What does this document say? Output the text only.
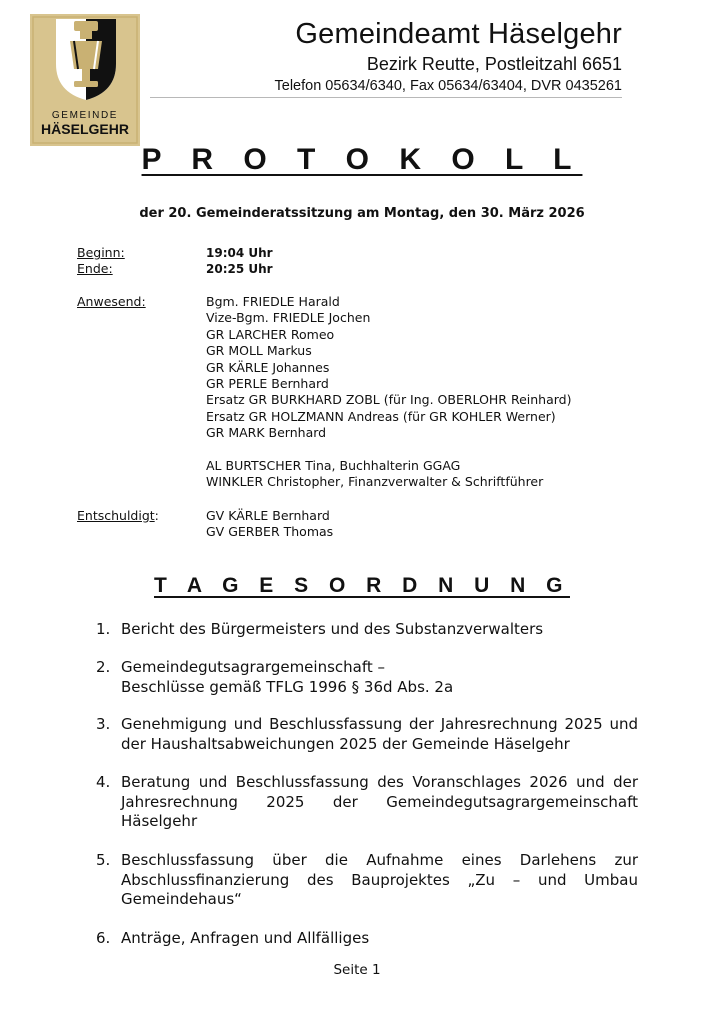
GEMEINDE
HÄSELGEHR
Gemeindeamt Häselgehr
Bezirk Reutte, Postleitzahl 6651
Telefon 05634/6340, Fax 05634/63404, DVR 0435261
P R O T O K O L L
der 20. Gemeinderatssitzung am Montag, den 30. März 2026
Beginn:	19:04 Uhr
Ende:	20:25 Uhr
Anwesend:	Bgm. FRIEDLE Harald
Vize-Bgm. FRIEDLE Jochen
GR LARCHER Romeo
GR MOLL Markus
GR KÄRLE Johannes
GR PERLE Bernhard
Ersatz GR BURKHARD ZOBL (für Ing. OBERLOHR Reinhard)
Ersatz GR HOLZMANN Andreas (für GR KOHLER Werner)
GR MARK Bernhard
AL BURTSCHER Tina, Buchhalterin GGAG
WINKLER Christopher, Finanzverwalter & Schriftführer
Entschuldigt:	GV KÄRLE Bernhard
GV GERBER Thomas
T A G E S O R D N U N G
1. Bericht des Bürgermeisters und des Substanzverwalters
2. Gemeindegutsagrargemeinschaft –
Beschlüsse gemäß TFLG 1996 § 36d Abs. 2a
3. Genehmigung und Beschlussfassung der Jahresrechnung 2025 und der Haushaltsabweichungen 2025 der Gemeinde Häselgehr
4. Beratung und Beschlussfassung des Voranschlages 2026 und der Jahresrechnung 2025 der Gemeindegutsagrargemeinschaft Häselgehr
5. Beschlussfassung über die Aufnahme eines Darlehens zur Abschlussfinanzierung des Bauprojektes „Zu – und Umbau Gemeindehaus“
6. Anträge, Anfragen und Allfälliges
Seite 1
